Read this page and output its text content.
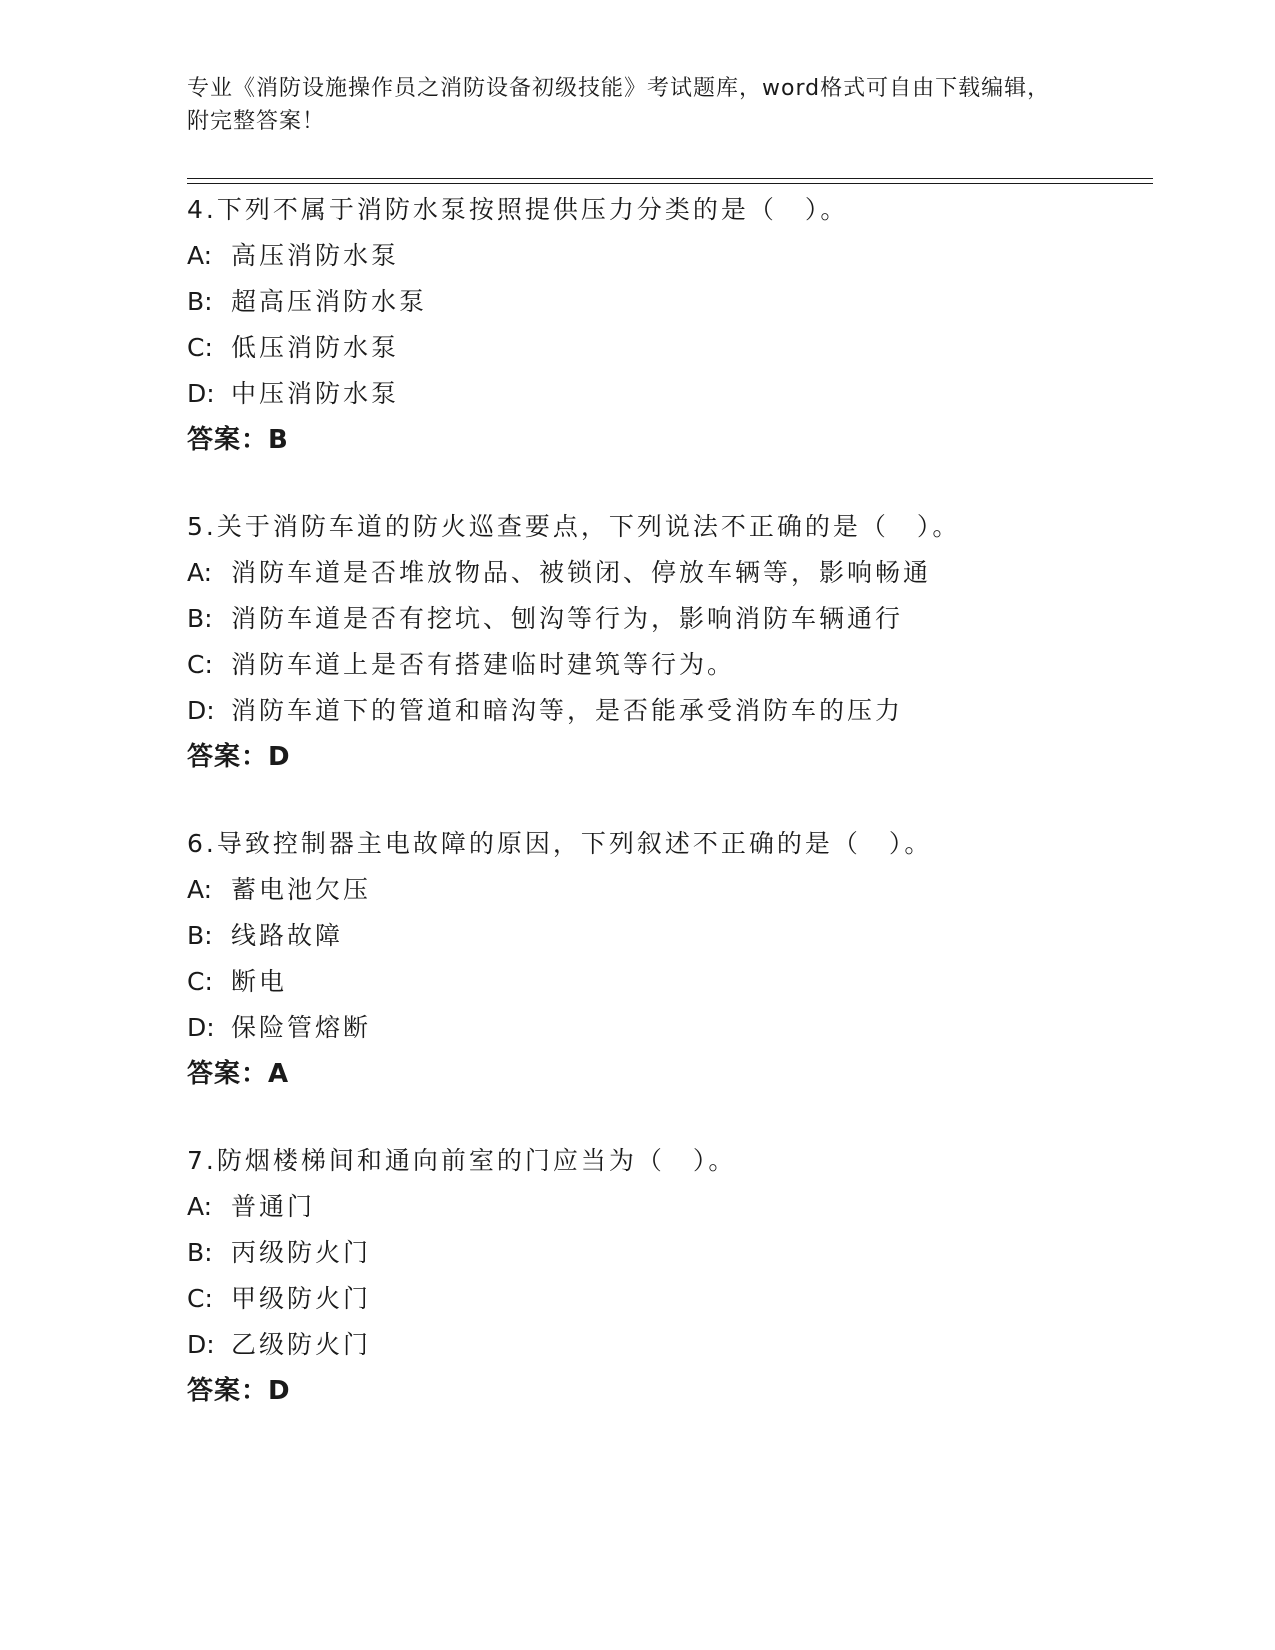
专业《消防设施操作员之消防设备初级技能》考试题库，word格式可自由下载编辑，附完整答案！
4.下列不属于消防水泵按照提供压力分类的是（　）。
A: 高压消防水泵
B: 超高压消防水泵
C: 低压消防水泵
D: 中压消防水泵
答案：B
5.关于消防车道的防火巡查要点，下列说法不正确的是（　）。
A: 消防车道是否堆放物品、被锁闭、停放车辆等，影响畅通
B: 消防车道是否有挖坑、刨沟等行为，影响消防车辆通行
C: 消防车道上是否有搭建临时建筑等行为。
D: 消防车道下的管道和暗沟等，是否能承受消防车的压力
答案：D
6.导致控制器主电故障的原因，下列叙述不正确的是（　）。
A: 蓄电池欠压
B: 线路故障
C: 断电
D: 保险管熔断
答案：A
7.防烟楼梯间和通向前室的门应当为（　）。
A: 普通门
B: 丙级防火门
C: 甲级防火门
D: 乙级防火门
答案：D
